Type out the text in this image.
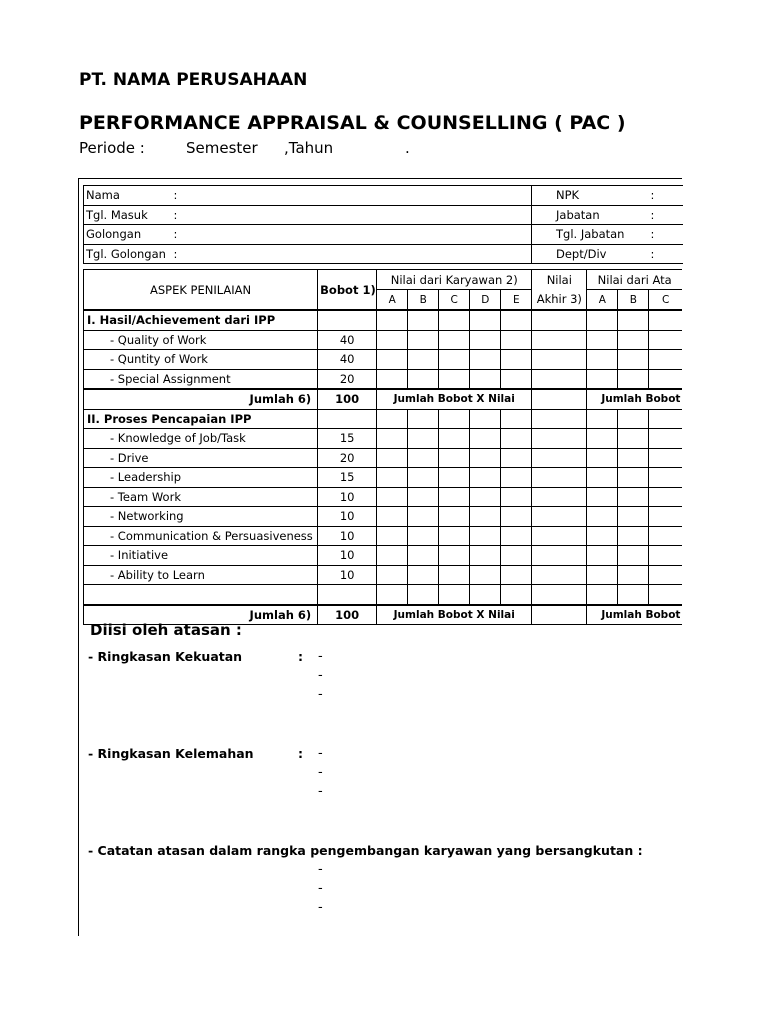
PT. NAMA PERUSAHAAN
PERFORMANCE APPRAISAL & COUNSELLING ( PAC )
Periode :	Semester ,Tahun	.
Nama	:	NPK	:
Tgl. Masuk	:	Jabatan	:
Golongan	:	Tgl. Jabatan	:
Tgl. Golongan	:	Dept/Div	:
ASPEK PENILAIAN	Bobot 1)	Nilai dari Karyawan 2)					Nilai	Nilai dari Ata		
		A	B	C	D	E	Akhir 3)	A	B	C
I. Hasil/Achievement dari IPP										
- Quality of Work	40									
- Quntity of Work	40									
- Special Assignment	20									
Jumlah 6)	100	Jumlah Bobot X Nilai						Jumlah Bobot		
II. Proses Pencapaian IPP										
- Knowledge of Job/Task	15									
- Drive	20									
- Leadership	15									
- Team Work	10									
- Networking	10									
- Communication & Persuasiveness	10									
- Initiative	10									
- Ability to Learn	10									

Jumlah 6)	100	Jumlah Bobot X Nilai						Jumlah Bobot		
Diisi oleh atasan :
- Ringkasan Kekuatan	: -
-
-
- Ringkasan Kelemahan	: -
-
-
- Catatan atasan dalam rangka pengembangan karyawan yang bersangkutan :
-
-
-
